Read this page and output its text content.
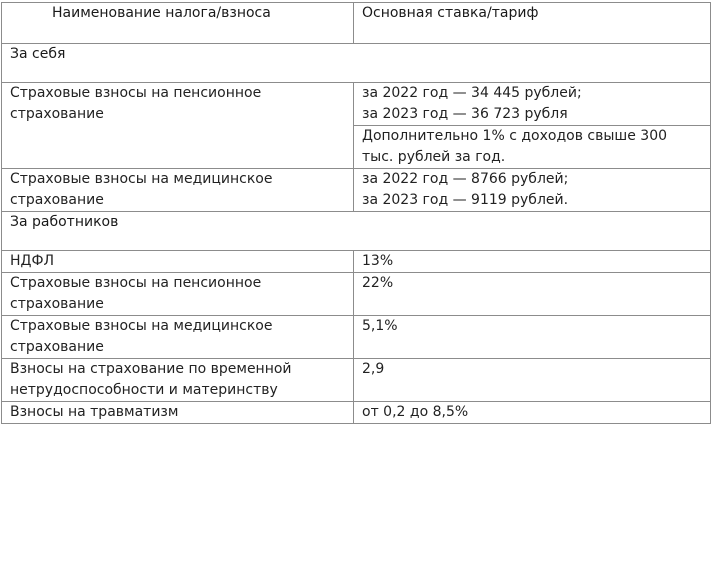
Наименование налога/взноса	Основная ставка/тариф
За себя	

Страховые взносы на пенсионное
страхование	за 2022 год — 34 445 рублей;
за 2023 год — 36 723 рубля

	Дополнительно 1% с доходов свыше 300
тыс. рублей за год.

Страховые взносы на медицинское
страхование	за 2022 год — 8766 рублей;
за 2023 год — 9119 рублей.

За работников	

НДФЛ	13%

Страховые взносы на пенсионное
страхование	22%

Страховые взносы на медицинское
страхование	5,1%

Взносы на страхование по временной
нетрудоспособности и материнству	2,9

Взносы на травматизм	от 0,2 до 8,5%
